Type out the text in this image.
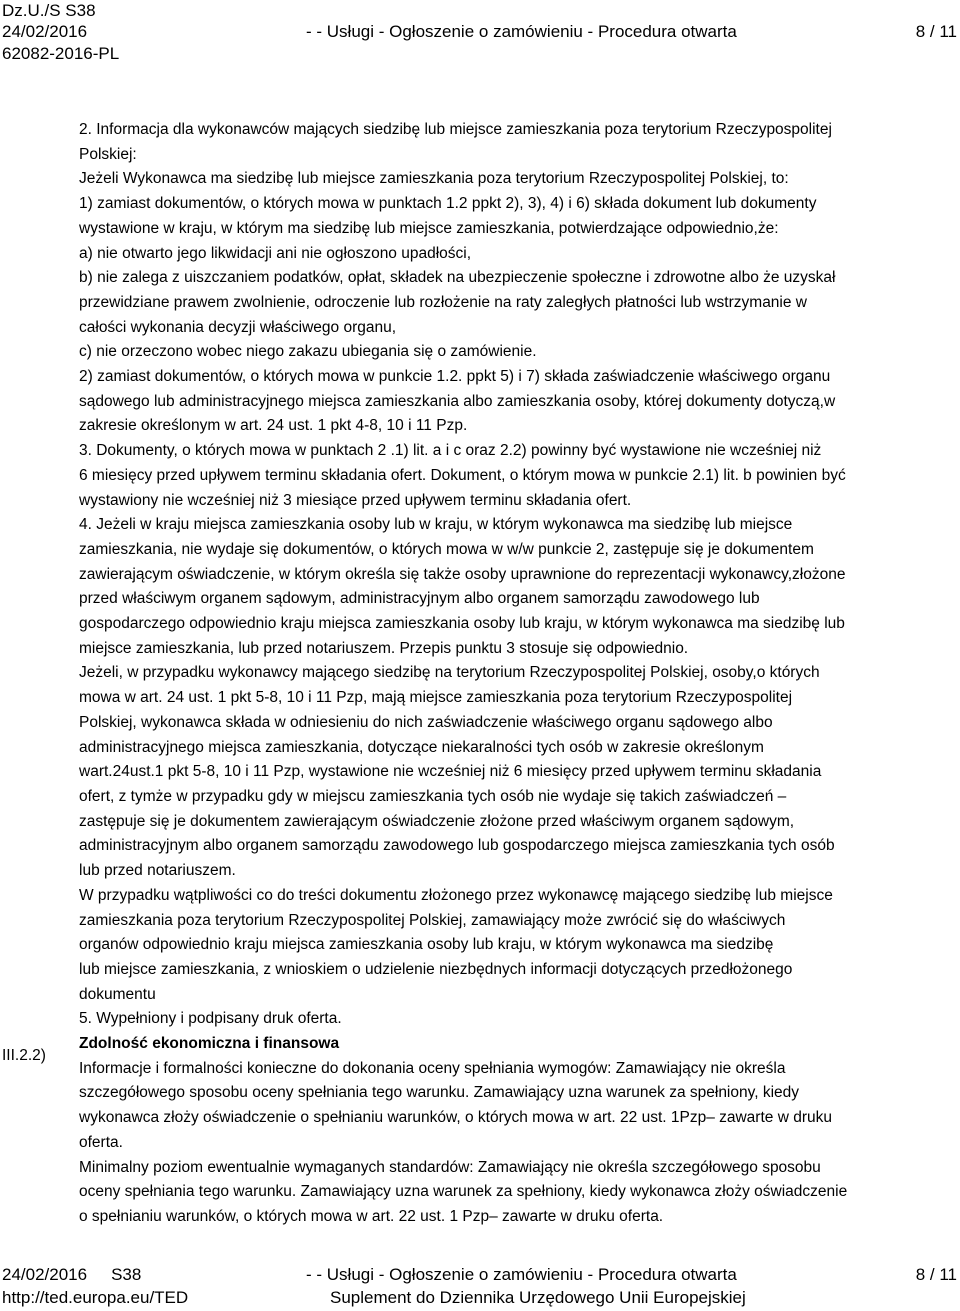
Dz.U./S S38
24/02/2016
62082-2016-PL
- - Usługi - Ogłoszenie o zamówieniu - Procedura otwarta	8 / 11
III.2.2)

2. Informacja dla wykonawców mających siedzibę lub miejsce zamieszkania poza terytorium Rzeczypospolitej

Polskiej:

Jeżeli Wykonawca ma siedzibę lub miejsce zamieszkania poza terytorium Rzeczypospolitej Polskiej, to:

1) zamiast dokumentów, o których mowa w punktach 1.2 ppkt 2), 3), 4) i 6) składa dokument lub dokumenty

wystawione w kraju, w którym ma siedzibę lub miejsce zamieszkania, potwierdzające odpowiednio,że:

a) nie otwarto jego likwidacji ani nie ogłoszono upadłości,

b) nie zalega z uiszczaniem podatków, opłat, składek na ubezpieczenie społeczne i zdrowotne albo że uzyskał

przewidziane prawem zwolnienie, odroczenie lub rozłożenie na raty zaległych płatności lub wstrzymanie w

całości wykonania decyzji właściwego organu,

c) nie orzeczono wobec niego zakazu ubiegania się o zamówienie.

2) zamiast dokumentów, o których mowa w punkcie 1.2. ppkt 5) i 7) składa zaświadczenie właściwego organu

sądowego lub administracyjnego miejsca zamieszkania albo zamieszkania osoby, której dokumenty dotyczą,w

zakresie określonym w art. 24 ust. 1 pkt 4-8, 10 i 11 Pzp.

3. Dokumenty, o których mowa w punktach 2 .1) lit. a i c oraz 2.2) powinny być wystawione nie wcześniej niż

6 miesięcy przed upływem terminu składania ofert. Dokument, o którym mowa w punkcie 2.1) lit. b powinien być

wystawiony nie wcześniej niż 3 miesiące przed upływem terminu składania ofert.

4. Jeżeli w kraju miejsca zamieszkania osoby lub w kraju, w którym wykonawca ma siedzibę lub miejsce

zamieszkania, nie wydaje się dokumentów, o których mowa w w/w punkcie 2, zastępuje się je dokumentem

zawierającym oświadczenie, w którym określa się także osoby uprawnione do reprezentacji wykonawcy,złożone

przed właściwym organem sądowym, administracyjnym albo organem samorządu zawodowego lub

gospodarczego odpowiednio kraju miejsca zamieszkania osoby lub kraju, w którym wykonawca ma siedzibę lub

miejsce zamieszkania, lub przed notariuszem. Przepis punktu 3 stosuje się odpowiednio.

Jeżeli, w przypadku wykonawcy mającego siedzibę na terytorium Rzeczypospolitej Polskiej, osoby,o których

mowa w art. 24 ust. 1 pkt 5-8, 10 i 11 Pzp, mają miejsce zamieszkania poza terytorium Rzeczypospolitej

Polskiej, wykonawca składa w odniesieniu do nich zaświadczenie właściwego organu sądowego albo

administracyjnego miejsca zamieszkania, dotyczące niekaralności tych osób w zakresie określonym

wart.24ust.1 pkt 5-8, 10 i 11 Pzp, wystawione nie wcześniej niż 6 miesięcy przed upływem terminu składania

ofert, z tymże w przypadku gdy w miejscu zamieszkania tych osób nie wydaje się takich zaświadczeń –

zastępuje się je dokumentem zawierającym oświadczenie złożone przed właściwym organem sądowym,

administracyjnym albo organem samorządu zawodowego lub gospodarczego miejsca zamieszkania tych osób

lub przed notariuszem.

W przypadku wątpliwości co do treści dokumentu złożonego przez wykonawcę mającego siedzibę lub miejsce

zamieszkania poza terytorium Rzeczypospolitej Polskiej, zamawiający może zwrócić się do właściwych

organów odpowiednio kraju miejsca zamieszkania osoby lub kraju, w którym wykonawca ma siedzibę

lub miejsce zamieszkania, z wnioskiem o udzielenie niezbędnych informacji dotyczących przedłożonego

dokumentu

5. Wypełniony i podpisany druk oferta.

Zdolność ekonomiczna i finansowa

Informacje i formalności konieczne do dokonania oceny spełniania wymogów: Zamawiający nie określa

szczegółowego sposobu oceny spełniania tego warunku. Zamawiający uzna warunek za spełniony, kiedy

wykonawca złoży oświadczenie o spełnianiu warunków, o których mowa w art. 22 ust. 1Pzp– zawarte w druku

oferta.

Minimalny poziom ewentualnie wymaganych standardów: Zamawiający nie określa szczegółowego sposobu

oceny spełniania tego warunku. Zamawiający uzna warunek za spełniony, kiedy wykonawca złoży oświadczenie

o spełnianiu warunków, o których mowa w art. 22 ust. 1 Pzp– zawarte w druku oferta.

24/02/2016 S38
http://ted.europa.eu/TED
- - Usługi - Ogłoszenie o zamówieniu - Procedura otwarta
Suplement do Dziennika Urzędowego Unii Europejskiej
8 / 11
